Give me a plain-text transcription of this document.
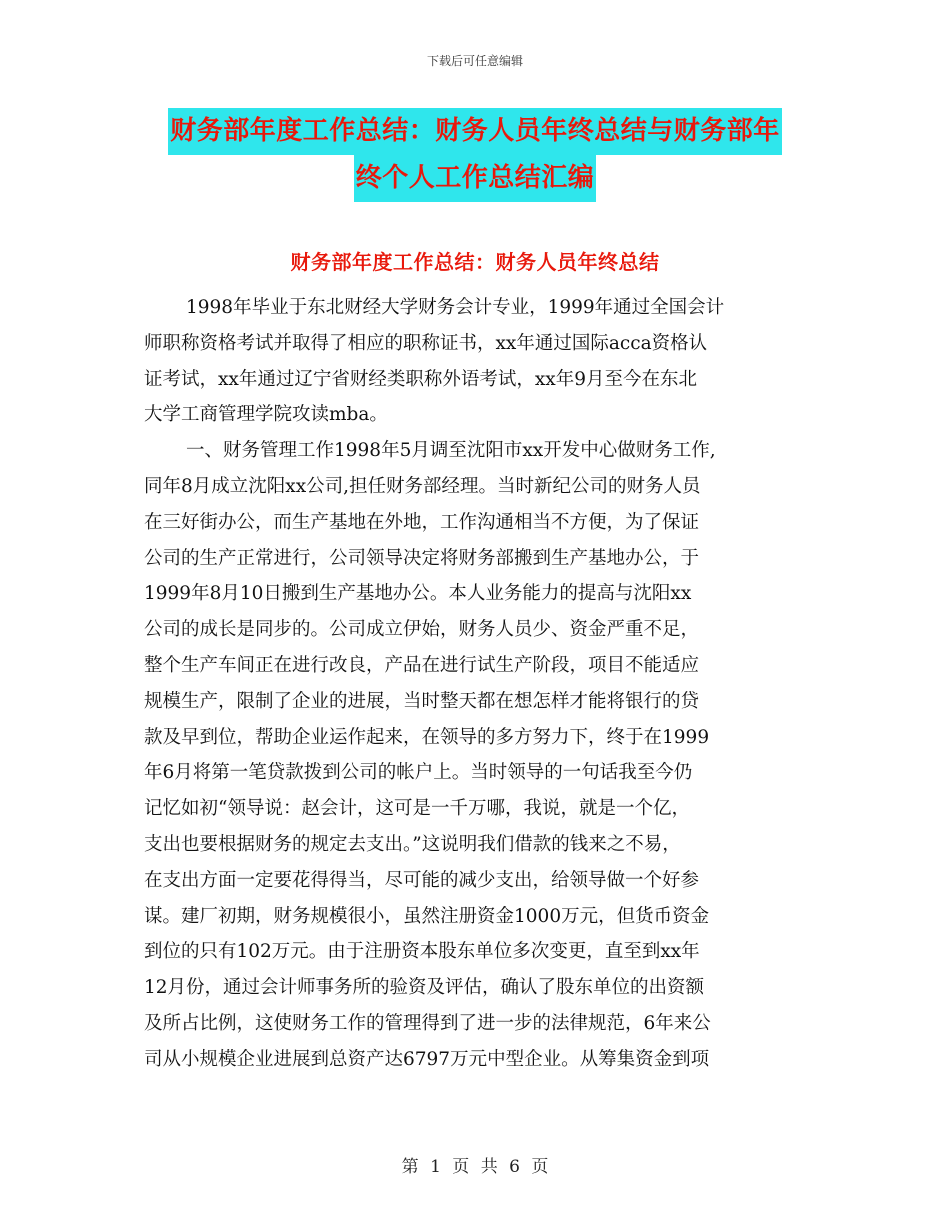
下载后可任意编辑
财务部年度工作总结：财务人员年终总结与财务部年
终个人工作总结汇编
财务部年度工作总结：财务人员年终总结
1998年毕业于东北财经大学财务会计专业，1999年通过全国会计
师职称资格考试并取得了相应的职称证书，xx年通过国际acca资格认
证考试，xx年通过辽宁省财经类职称外语考试，xx年9月至今在东北
大学工商管理学院攻读mba。
一、财务管理工作1998年5月调至沈阳市xx开发中心做财务工作,
同年8月成立沈阳xx公司,担任财务部经理。当时新纪公司的财务人员
在三好街办公，而生产基地在外地，工作沟通相当不方便，为了保证
公司的生产正常进行，公司领导决定将财务部搬到生产基地办公，于
1999年8月10日搬到生产基地办公。本人业务能力的提高与沈阳xx
公司的成长是同步的。公司成立伊始，财务人员少、资金严重不足，
整个生产车间正在进行改良，产品在进行试生产阶段，项目不能适应
规模生产，限制了企业的进展，当时整天都在想怎样才能将银行的贷
款及早到位，帮助企业运作起来，在领导的多方努力下，终于在1999
年6月将第一笔贷款拨到公司的帐户上。当时领导的一句话我至今仍
记忆如初“领导说：赵会计，这可是一千万哪，我说，就是一个亿，
支出也要根据财务的规定去支出。”这说明我们借款的钱来之不易，
在支出方面一定要花得得当，尽可能的减少支出，给领导做一个好参
谋。建厂初期，财务规模很小，虽然注册资金1000万元，但货币资金
到位的只有102万元。由于注册资本股东单位多次变更，直至到xx年
12月份，通过会计师事务所的验资及评估，确认了股东单位的出资额
及所占比例，这使财务工作的管理得到了进一步的法律规范，6年来公
司从小规模企业进展到总资产达6797万元中型企业。从筹集资金到项
第 1 页 共 6 页
